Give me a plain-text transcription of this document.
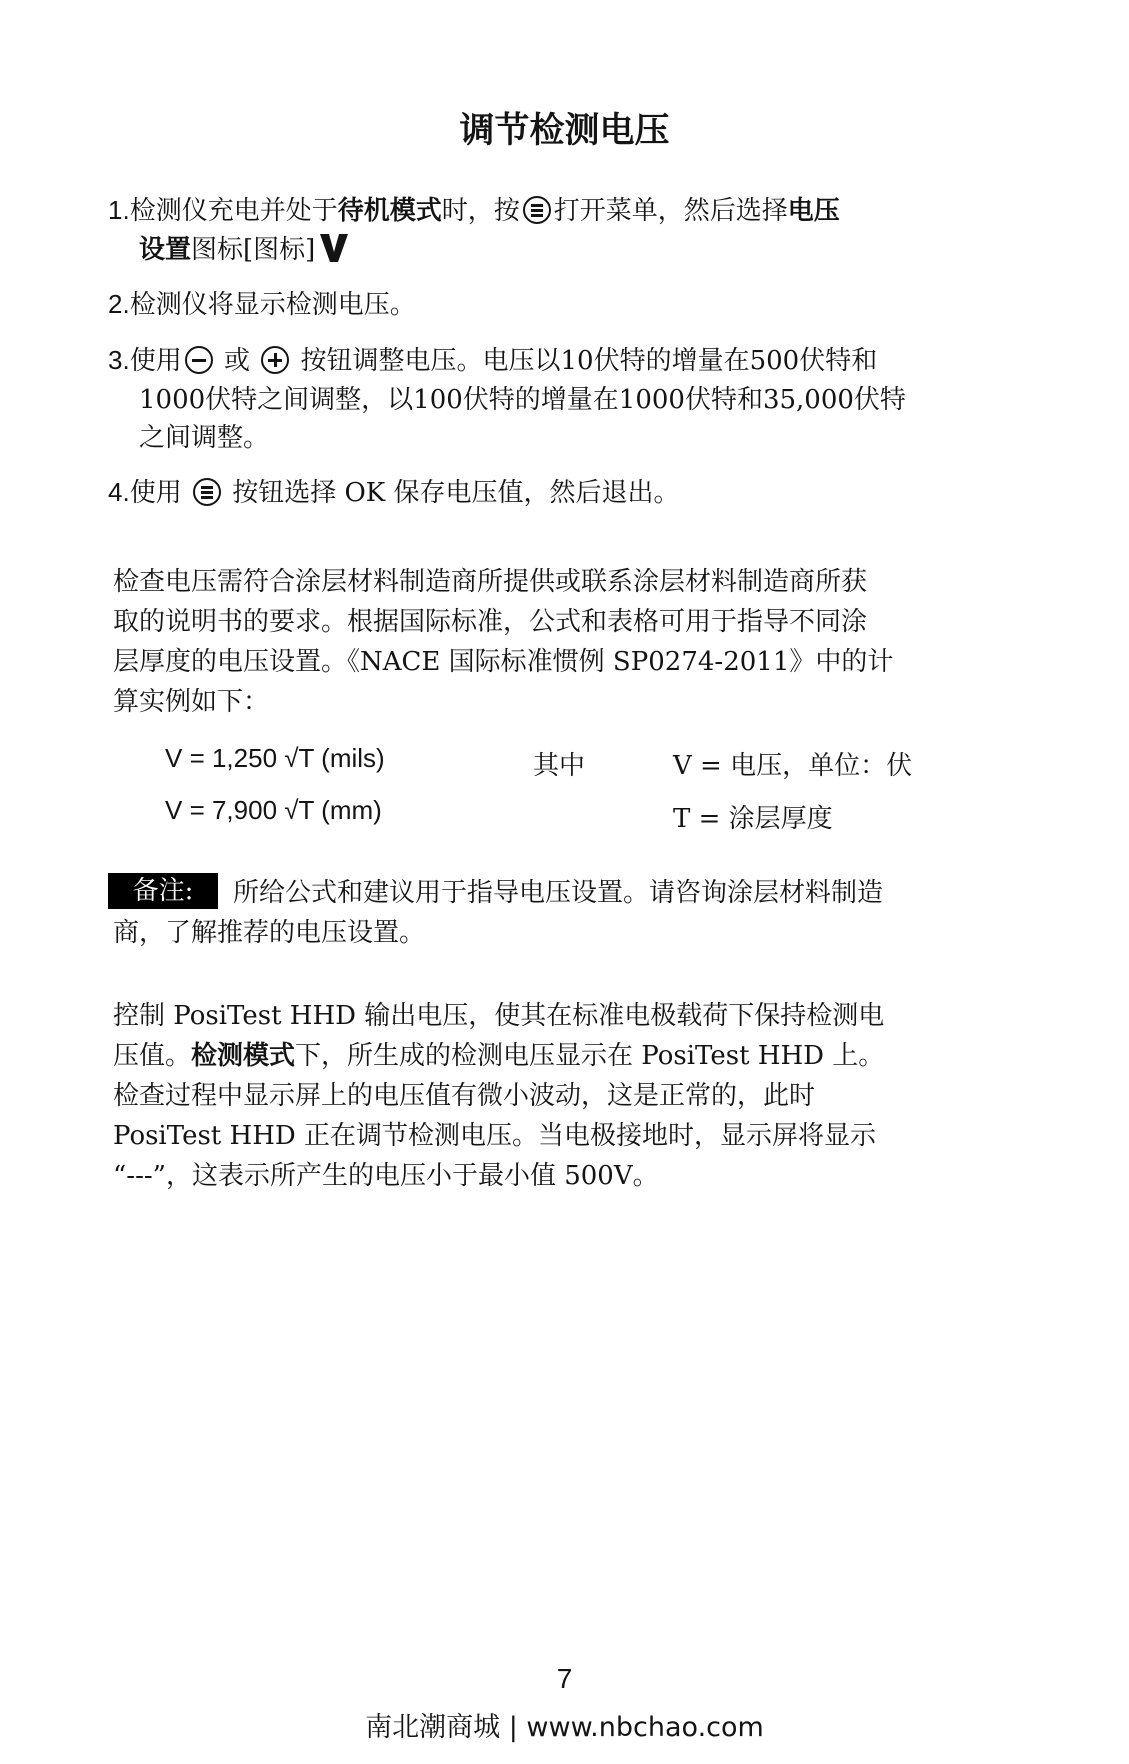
调节检测电压
1.检测仪充电并处于待机模式时，按 打开菜单，然后选择电压
设置图标[图标]
2.检测仪将显示检测电压。
3.使用 或  按钮调整电压。电压以10伏特的增量在500伏特和
1000伏特之间调整，以100伏特的增量在1000伏特和35,000伏特
之间调整。
4.使用  按钮选择 OK 保存电压值，然后退出。
检查电压需符合涂层材料制造商所提供或联系涂层材料制造商所获
取的说明书的要求。根据国际标准，公式和表格可用于指导不同涂
层厚度的电压设置。《NACE 国际标准惯例 SP0274-2011》中的计
算实例如下：
V = 1,250 √T (mils)
V = 7,900 √T (mm)
其中	V = 电压，单位：伏
T = 涂层厚度
备注:	所给公式和建议用于指导电压设置。请咨询涂层材料制造
商，了解推荐的电压设置。
控制 PosiTest HHD 输出电压，使其在标准电极载荷下保持检测电
压值。检测模式下，所生成的检测电压显示在 PosiTest HHD 上。
检查过程中显示屏上的电压值有微小波动，这是正常的，此时
PosiTest HHD 正在调节检测电压。当电极接地时，显示屏将显示
“---”，这表示所产生的电压小于最小值 500V。
7
南北潮商城 | www.nbchao.com
